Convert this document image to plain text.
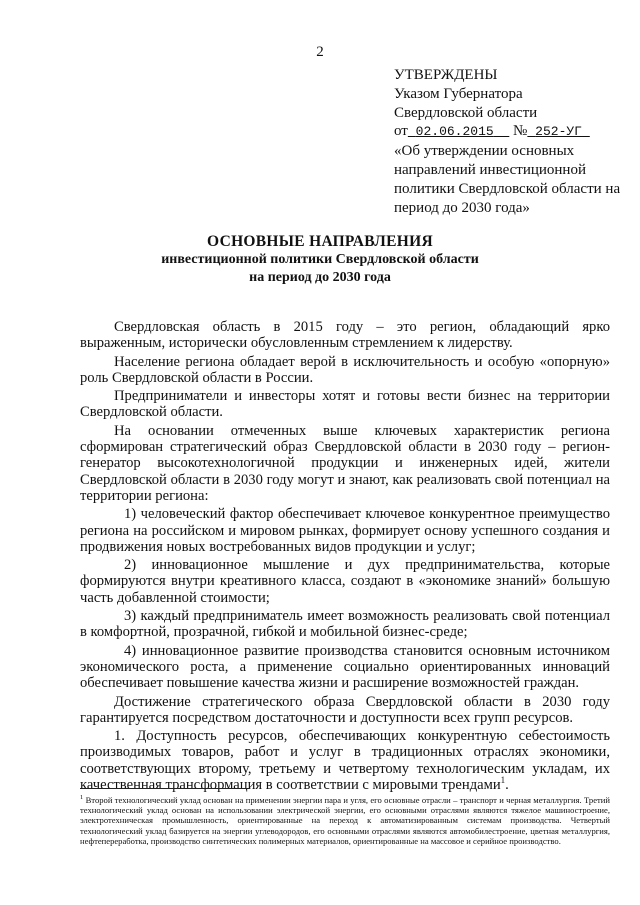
2
УТВЕРЖДЕНЫ
Указом Губернатора
Свердловской области
от 02.06.2015 № 252-УГ
«Об утверждении основных
направлений инвестиционной
политики Свердловской области на
период до 2030 года»
ОСНОВНЫЕ НАПРАВЛЕНИЯ
инвестиционной политики Свердловской области
на период до 2030 года

Свердловская область в 2015 году – это регион, обладающий ярко выраженным, исторически обусловленным стремлением к лидерству.

Население региона обладает верой в исключительность и особую «опорную» роль Свердловской области в России.

Предприниматели и инвесторы хотят и готовы вести бизнес на территории Свердловской области.

На основании отмеченных выше ключевых характеристик региона сформирован стратегический образ Свердловской области в 2030 году – регион-генератор высокотехнологичной продукции и инженерных идей, жители Свердловской области в 2030 году могут и знают, как реализовать свой потенциал на территории региона:

1) человеческий фактор обеспечивает ключевое конкурентное преимущество региона на российском и мировом рынках, формирует основу успешного создания и продвижения новых востребованных видов продукции и услуг;

2) инновационное мышление и дух предпринимательства, которые формируются внутри креативного класса, создают в «экономике знаний» большую часть добавленной стоимости;

3) каждый предприниматель имеет возможность реализовать свой потенциал в комфортной, прозрачной, гибкой и мобильной бизнес-среде;

4) инновационное развитие производства становится основным источником экономического роста, а применение социально ориентированных инноваций обеспечивает повышение качества жизни и расширение возможностей граждан.

Достижение стратегического образа Свердловской области в 2030 году гарантируется посредством достаточности и доступности всех групп ресурсов.

1. Доступность ресурсов, обеспечивающих конкурентную себестоимость производимых товаров, работ и услуг в традиционных отраслях экономики, соответствующих второму, третьему и четвертому технологическим укладам, их качественная трансформация в соответствии с мировыми трендами$^1$.

$^1$ Второй технологический уклад основан на применении энергии пара и угля, его основные отрасли – транспорт и черная металлургия. Третий технологический уклад основан на использовании электрической энергии, его основными отраслями являются тяжелое машиностроение, электротехническая промышленность, ориентированные на переход к автоматизированным системам производства. Четвертый технологический уклад базируется на энергии углеводородов, его основными отраслями являются автомобилестроение, цветная металлургия, нефтепереработка, производство синтетических полимерных материалов, ориентированные на массовое и серийное производство.
